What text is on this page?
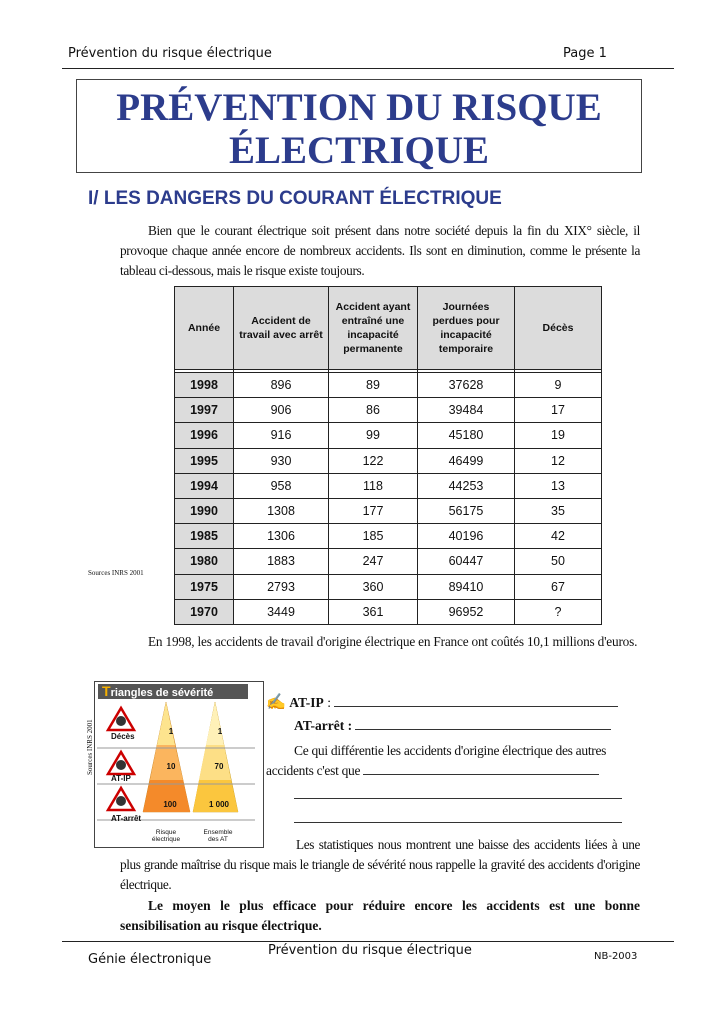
Prévention du risque électrique	Page 1
PRÉVENTION DU RISQUE
ÉLECTRIQUE
I/ LES DANGERS DU COURANT ÉLECTRIQUE
Bien que le courant électrique soit présent dans notre société depuis la fin du XIX° siècle, il provoque chaque année encore de nombreux accidents. Ils sont en diminution, comme le présente la tableau ci-dessous, mais le risque existe toujours.
Année	Accident de travail avec arrêt	Accident ayant entraîné une incapacité permanente	Journées perdues pour incapacité temporaire	Décès

1998	896	89	37628	9
1997	906	86	39484	17
1996	916	99	45180	19
1995	930	122	46499	12
1994	958	118	44253	13
1990	1308	177	56175	35
1985	1306	185	40196	42
1980	1883	247	60447	50
1975	2793	360	89410	67
1970	3449	361	96952	?
Sources INRS 2001
En 1998, les accidents de travail d'origine électrique en France ont coûtés 10,1 millions d'euros.
Triangles de sévérité
Décès
AT-IP
AT-arrêt
1
10
100
1
70
1 000
Risque
électrique
Ensemble
des AT
Sources INRS 2001
✍ AT-IP :
AT-arrêt :
Ce qui différentie les accidents d'origine électrique des autres accidents c'est que
Les statistiques nous montrent une baisse des accidents liées à une plus grande maîtrise du risque mais le triangle de sévérité nous rappelle la gravité des accidents d'origine électrique.
Le moyen le plus efficace pour réduire encore les accidents est une bonne sensibilisation au risque électrique.
Génie électronique
Prévention du risque électrique	NB-2003
